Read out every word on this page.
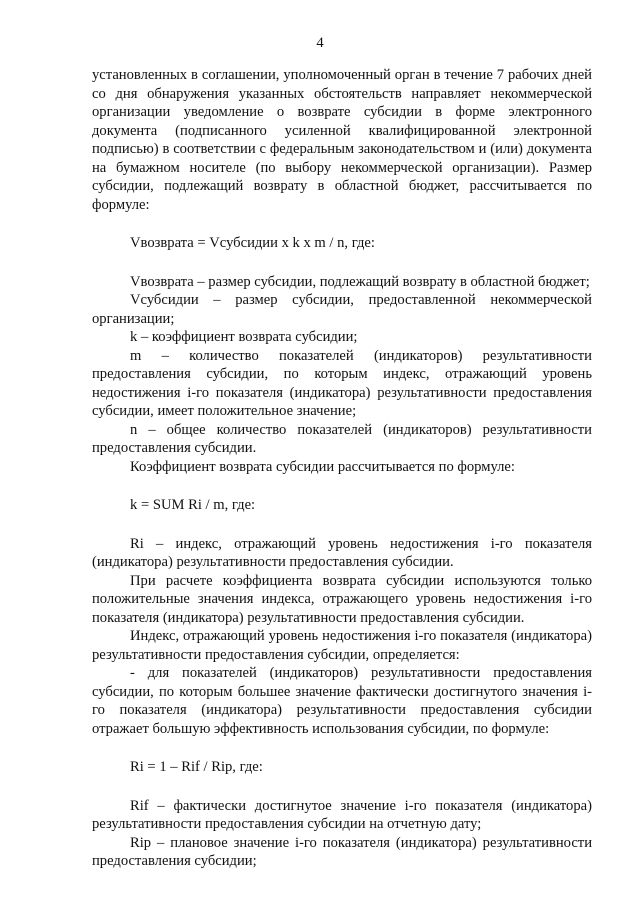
4

установленных в соглашении, уполномоченный орган в течение 7 рабочих дней со дня обнаружения указанных обстоятельств направляет некоммерческой организации уведомление о возврате субсидии в форме электронного документа (подписанного усиленной квалифицированной электронной подписью) в соответствии с федеральным законодательством и (или) документа на бумажном носителе (по выбору некоммерческой организации). Размер субсидии, подлежащий возврату в областной бюджет, рассчитывается по формуле:

Vвозврата = Vсубсидии x k x m / n, где:

Vвозврата – размер субсидии, подлежащий возврату в областной бюджет;

Vсубсидии – размер субсидии, предоставленной некоммерческой организации;

k – коэффициент возврата субсидии;

m – количество показателей (индикаторов) результативности предоставления субсидии, по которым индекс, отражающий уровень недостижения i-го показателя (индикатора) результативности предоставления субсидии, имеет положительное значение;

n – общее количество показателей (индикаторов) результативности предоставления субсидии.

Коэффициент возврата субсидии рассчитывается по формуле:

k = SUM Ri / m, где:

Ri – индекс, отражающий уровень недостижения i-го показателя (индикатора) результативности предоставления субсидии.

При расчете коэффициента возврата субсидии используются только положительные значения индекса, отражающего уровень недостижения i-го показателя (индикатора) результативности предоставления субсидии.

Индекс, отражающий уровень недостижения i-го показателя (индикатора) результативности предоставления субсидии, определяется:

- для показателей (индикаторов) результативности предоставления субсидии, по которым большее значение фактически достигнутого значения i-го показателя (индикатора) результативности предоставления субсидии отражает большую эффективность использования субсидии, по формуле:

Ri = 1 – Rif / Rip, где:

Rif – фактически достигнутое значение i-го показателя (индикатора) результативности предоставления субсидии на отчетную дату;

Rip – плановое значение i-го показателя (индикатора) результативности предоставления субсидии;
